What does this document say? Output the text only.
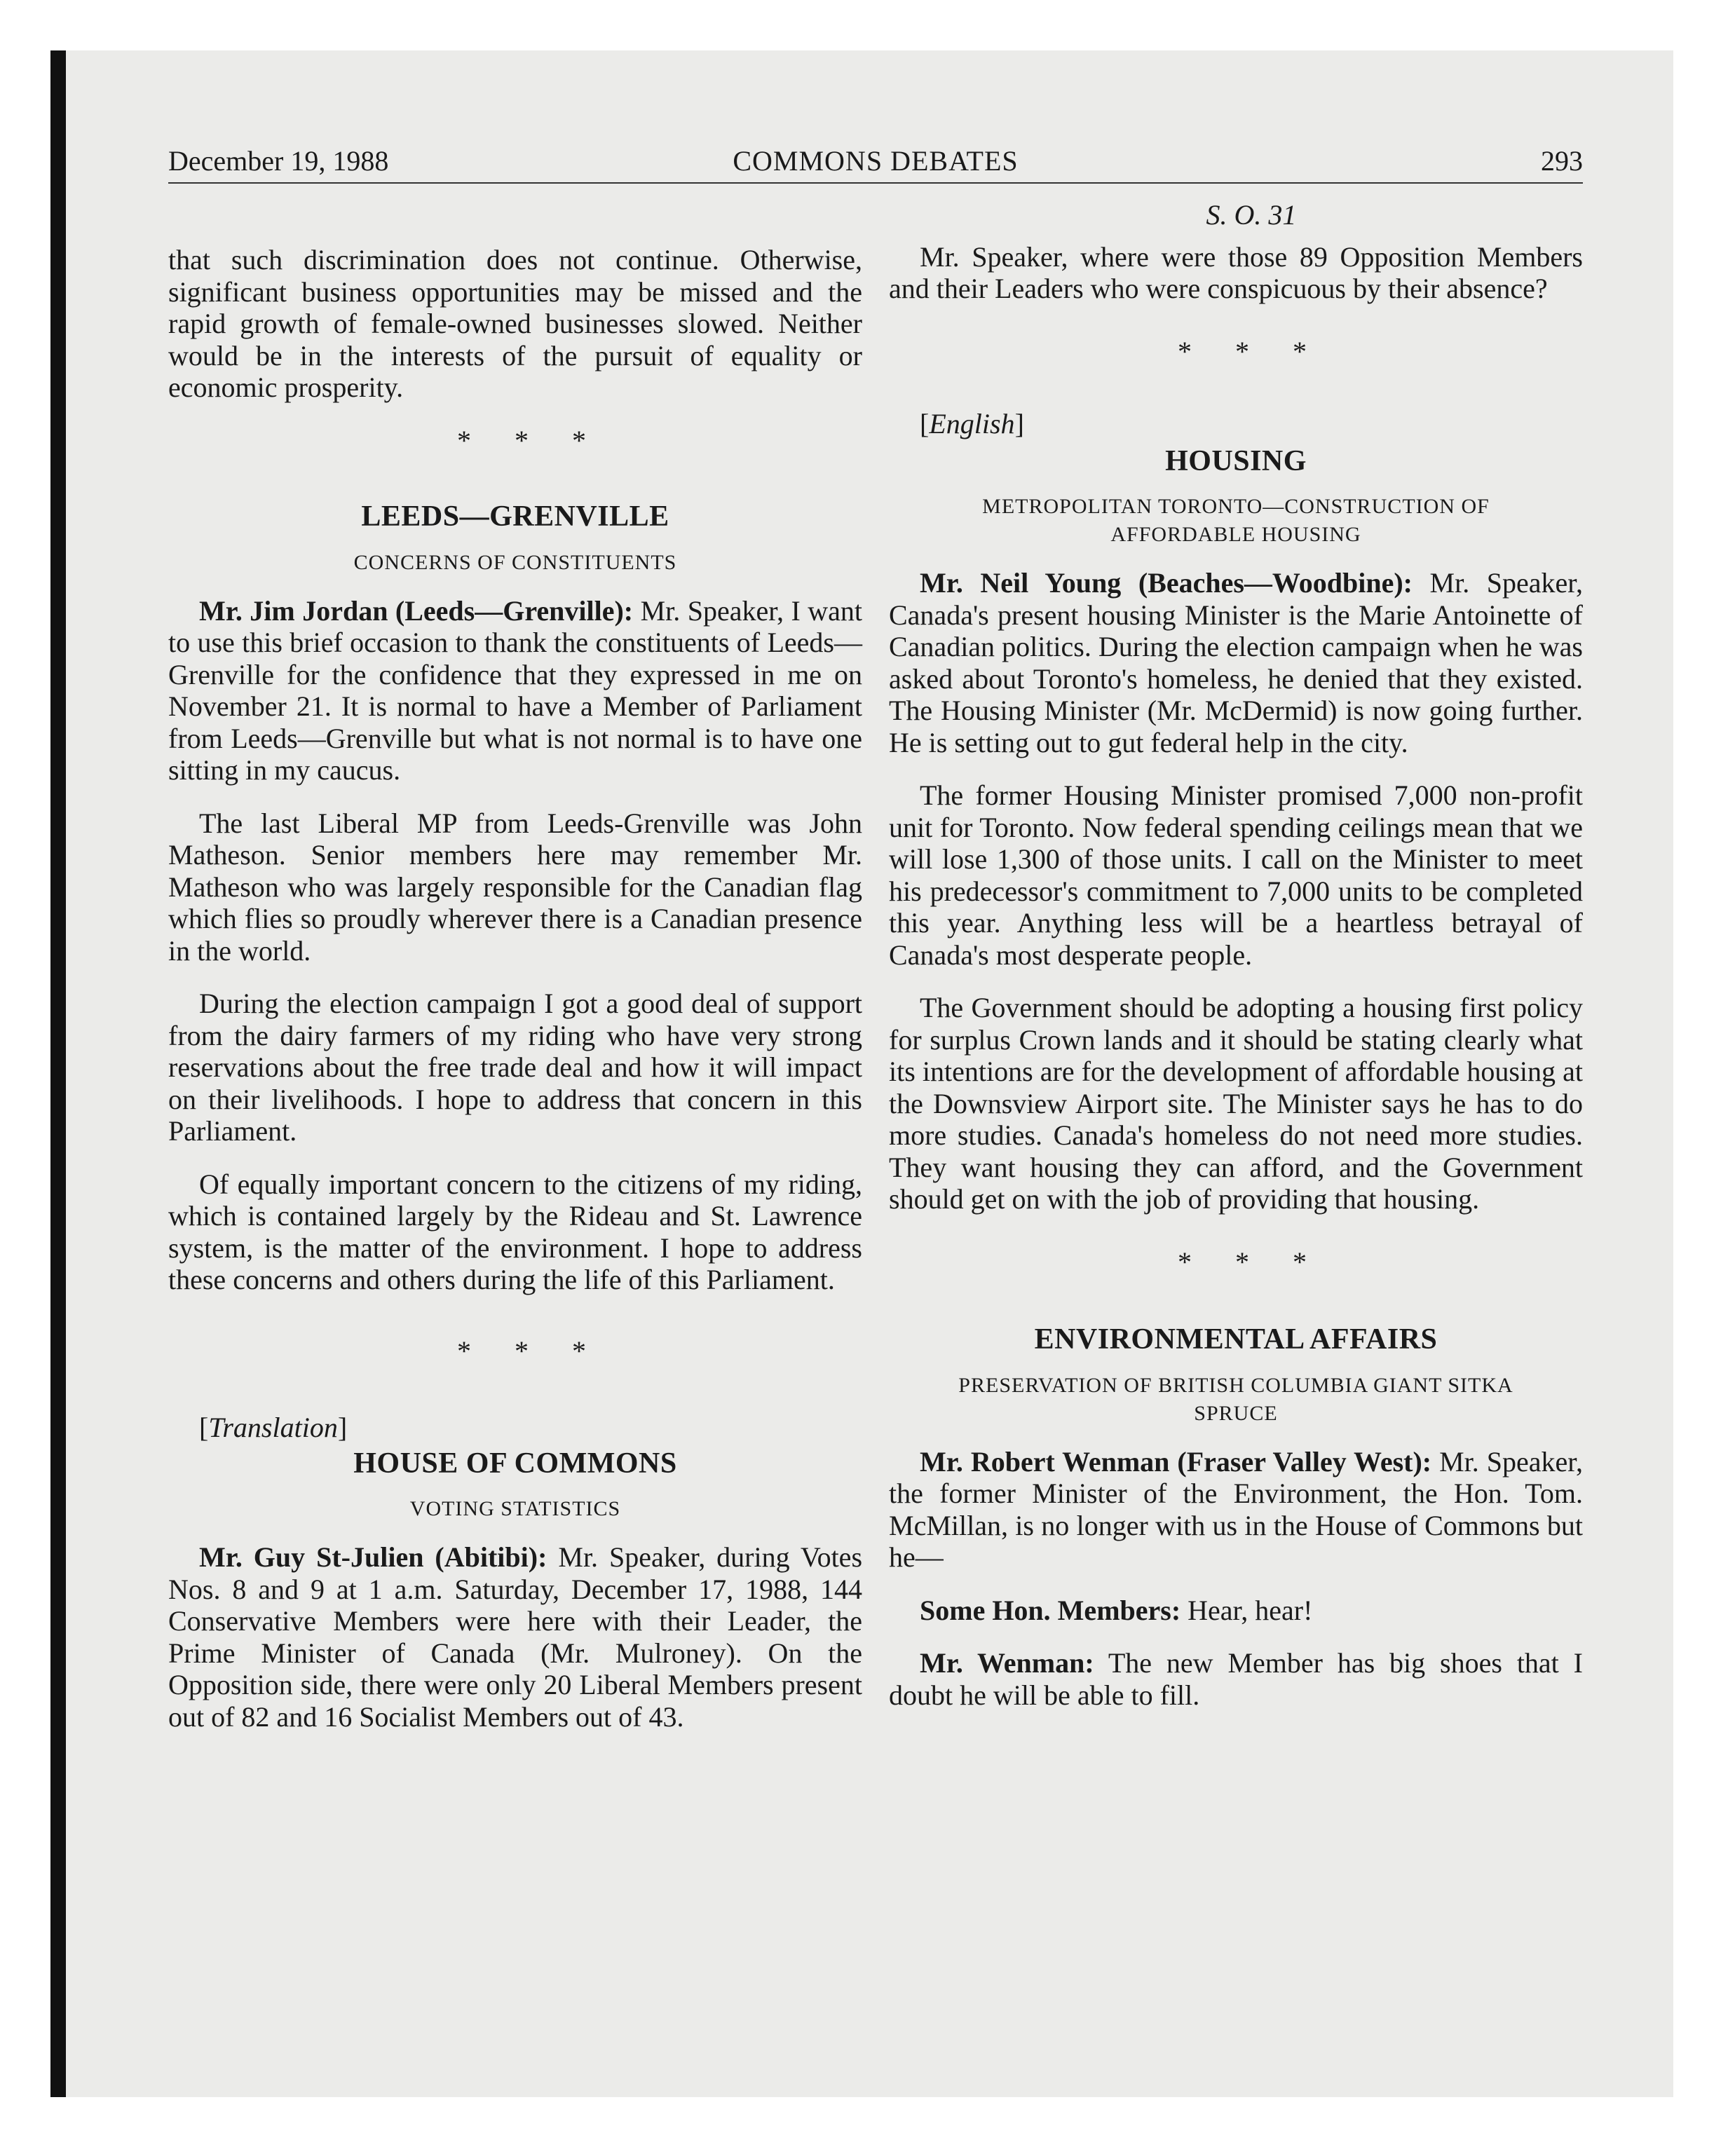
December 19, 1988	COMMONS DEBATES	293

that such discrimination does not continue. Otherwise, significant business opportunities may be missed and the rapid growth of female-owned businesses slowed. Neither would be in the interests of the pursuit of equality or economic prosperity.

* * *

LEEDS—GRENVILLE
CONCERNS OF CONSTITUENTS

Mr. Jim Jordan (Leeds—Grenville): Mr. Speaker, I want to use this brief occasion to thank the constituents of Leeds—Grenville for the confidence that they expressed in me on November 21. It is normal to have a Member of Parliament from Leeds—Grenville but what is not normal is to have one sitting in my caucus.

The last Liberal MP from Leeds-Grenville was John Matheson. Senior members here may remember Mr. Matheson who was largely responsible for the Canadian flag which flies so proudly wherever there is a Canadian presence in the world.

During the election campaign I got a good deal of support from the dairy farmers of my riding who have very strong reservations about the free trade deal and how it will impact on their livelihoods. I hope to address that concern in this Parliament.

Of equally important concern to the citizens of my riding, which is contained largely by the Rideau and St. Lawrence system, is the matter of the environment. I hope to address these concerns and others during the life of this Parliament.

* * *

[Translation]

HOUSE OF COMMONS
VOTING STATISTICS

Mr. Guy St-Julien (Abitibi): Mr. Speaker, during Votes Nos. 8 and 9 at 1 a.m. Saturday, December 17, 1988, 144 Conservative Members were here with their Leader, the Prime Minister of Canada (Mr. Mulroney). On the Opposition side, there were only 20 Liberal Members present out of 82 and 16 Socialist Members out of 43.

S. O. 31

Mr. Speaker, where were those 89 Opposition Members and their Leaders who were conspicuous by their absence?

* * *

[English]

HOUSING
METROPOLITAN TORONTO—CONSTRUCTION OF AFFORDABLE HOUSING

Mr. Neil Young (Beaches—Woodbine): Mr. Speaker, Canada's present housing Minister is the Marie Antoinette of Canadian politics. During the election campaign when he was asked about Toronto's homeless, he denied that they existed. The Housing Minister (Mr. McDermid) is now going further. He is setting out to gut federal help in the city.

The former Housing Minister promised 7,000 non-profit unit for Toronto. Now federal spending ceilings mean that we will lose 1,300 of those units. I call on the Minister to meet his predecessor's commitment to 7,000 units to be completed this year. Anything less will be a heartless betrayal of Canada's most desperate people.

The Government should be adopting a housing first policy for surplus Crown lands and it should be stating clearly what its intentions are for the development of affordable housing at the Downsview Airport site. The Minister says he has to do more studies. Canada's homeless do not need more studies. They want housing they can afford, and the Government should get on with the job of providing that housing.

* * *

ENVIRONMENTAL AFFAIRS
PRESERVATION OF BRITISH COLUMBIA GIANT SITKA SPRUCE

Mr. Robert Wenman (Fraser Valley West): Mr. Speaker, the former Minister of the Environment, the Hon. Tom. McMillan, is no longer with us in the House of Commons but he—

Some Hon. Members: Hear, hear!

Mr. Wenman: The new Member has big shoes that I doubt he will be able to fill.
